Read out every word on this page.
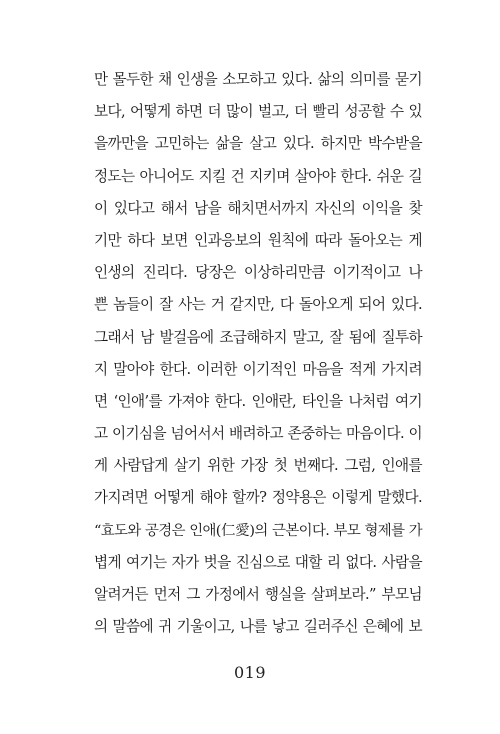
만 몰두한 채 인생을 소모하고 있다. 삶의 의미를 묻기
보다, 어떻게 하면 더 많이 벌고, 더 빨리 성공할 수 있
을까만을 고민하는 삶을 살고 있다. 하지만 박수받을
정도는 아니어도 지킬 건 지키며 살아야 한다. 쉬운 길
이 있다고 해서 남을 해치면서까지 자신의 이익을 찾
기만 하다 보면 인과응보의 원칙에 따라 돌아오는 게
인생의 진리다. 당장은 이상하리만큼 이기적이고 나
쁜 놈들이 잘 사는 거 같지만, 다 돌아오게 되어 있다.
그래서 남 발걸음에 조급해하지 말고, 잘 됨에 질투하
지 말아야 한다. 이러한 이기적인 마음을 적게 가지려
면 ‘인애’를 가져야 한다. 인애란, 타인을 나처럼 여기
고 이기심을 넘어서서 배려하고 존중하는 마음이다. 이
게 사람답게 살기 위한 가장 첫 번째다. 그럼, 인애를
가지려면 어떻게 해야 할까? 정약용은 이렇게 말했다.
“효도와 공경은 인애(仁愛)의 근본이다. 부모 형제를 가
볍게 여기는 자가 벗을 진심으로 대할 리 없다. 사람을
알려거든 먼저 그 가정에서 행실을 살펴보라.” 부모님
의 말씀에 귀 기울이고, 나를 낳고 길러주신 은혜에 보
019
